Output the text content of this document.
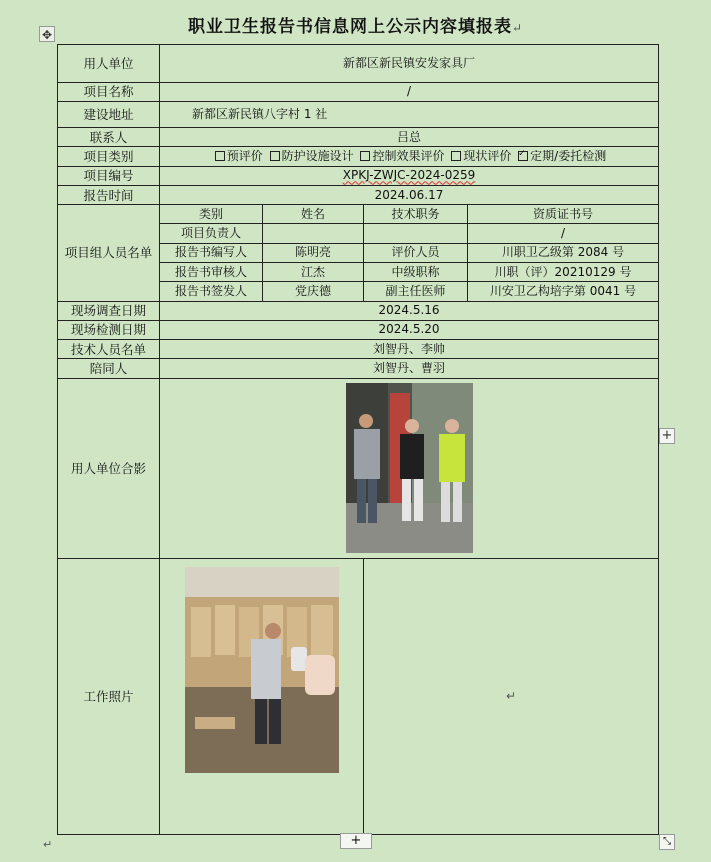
✥	职业卫生报告书信息网上公示内容填报表↵
用人单位	新都区新民镇安发家具厂			
项目名称	/			
建设地址	新都区新民镇八字村 1 社			
联系人	吕总			
项目类别	预评价 防护设施设计 控制效果评价 现状评价 ✓ 定期/委托检测
项目编号	XPKJ-ZWJC-2024-0259			
报告时间	2024.06.17			
项目组人员名单	类别	姓名	技术职务	资质证书号
	项目负责人			/
	报告书编写人	陈明亮	评价人员	川职卫乙级第 2084 号
	报告书审核人	江杰	中级职称	川职（评）20210129 号
	报告书签发人	党庆德	副主任医师	川安卫乙构培字第 0041 号
现场调查日期	2024.5.16			
现场检测日期	2024.5.20			
技术人员名单	刘智丹、李帅			
陪同人	刘智丹、曹羽			
用人单位合影	

工作照片			↵	
+
+	⤡
↵
